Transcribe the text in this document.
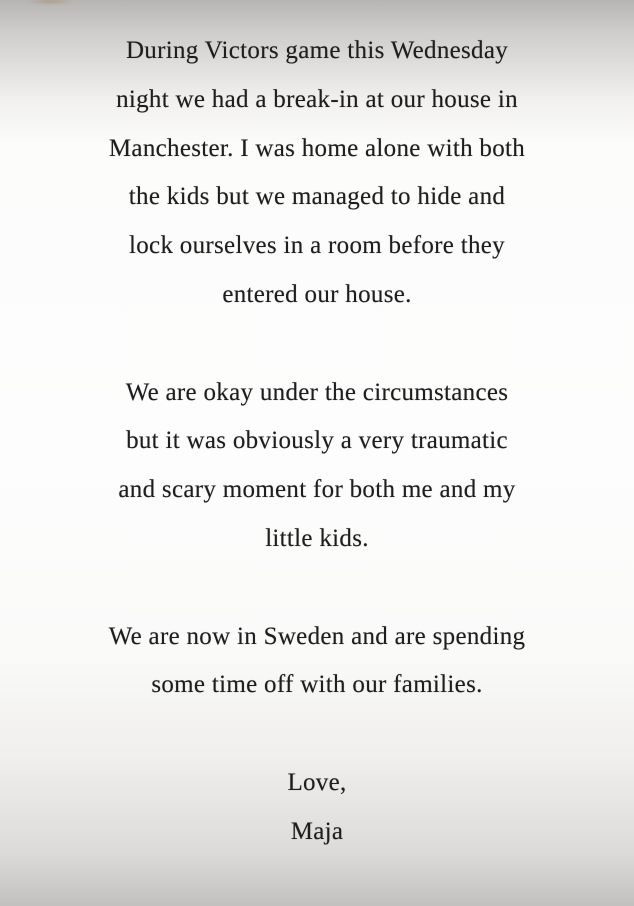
During Victors game this Wednesday
night we had a break-in at our house in
Manchester. I was home alone with both
the kids but we managed to hide and
lock ourselves in a room before they
entered our house.
We are okay under the circumstances
but it was obviously a very traumatic
and scary moment for both me and my
little kids.
We are now in Sweden and are spending
some time off with our families.
Love,
Maja
